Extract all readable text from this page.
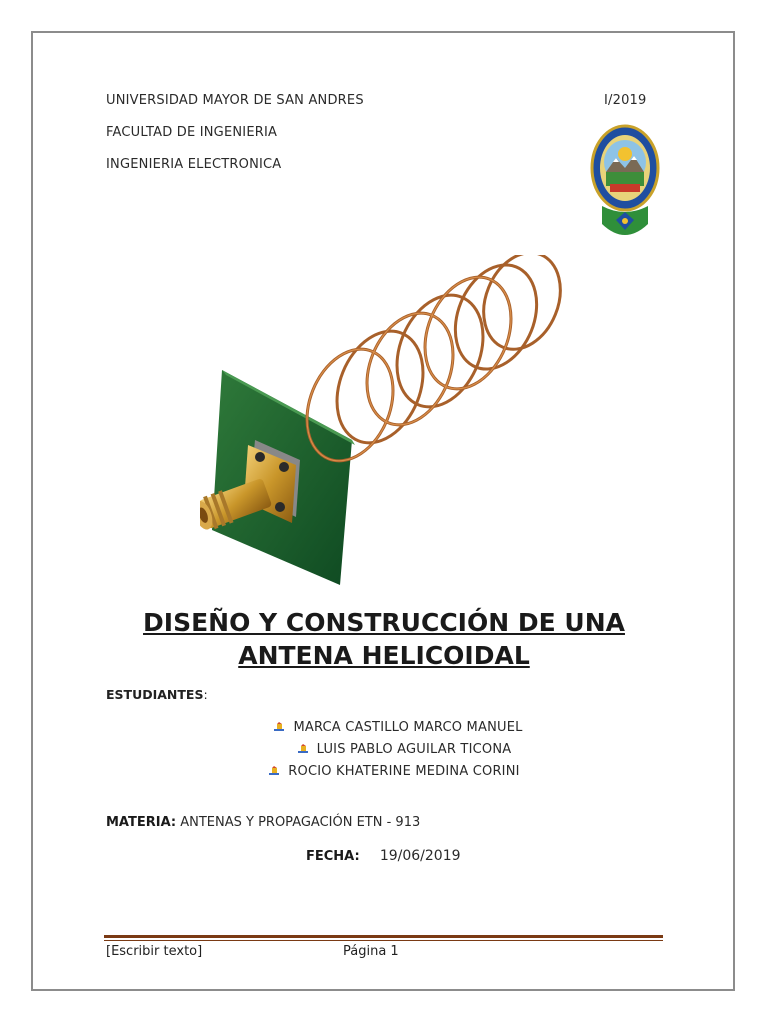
UNIVERSIDAD MAYOR DE SAN ANDRES
FACULTAD DE INGENIERIA
INGENIERIA ELECTRONICA
I/2019
DISEÑO Y CONSTRUCCIÓN DE UNA
ANTENA HELICOIDAL
ESTUDIANTES:
MARCA CASTILLO MARCO MANUEL
LUIS PABLO AGUILAR TICONA
ROCIO KHATERINE MEDINA CORINI
MATERIA: ANTENAS Y PROPAGACIÓN ETN - 913
FECHA: 19/06/2019
[Escribir texto]	Página 1
